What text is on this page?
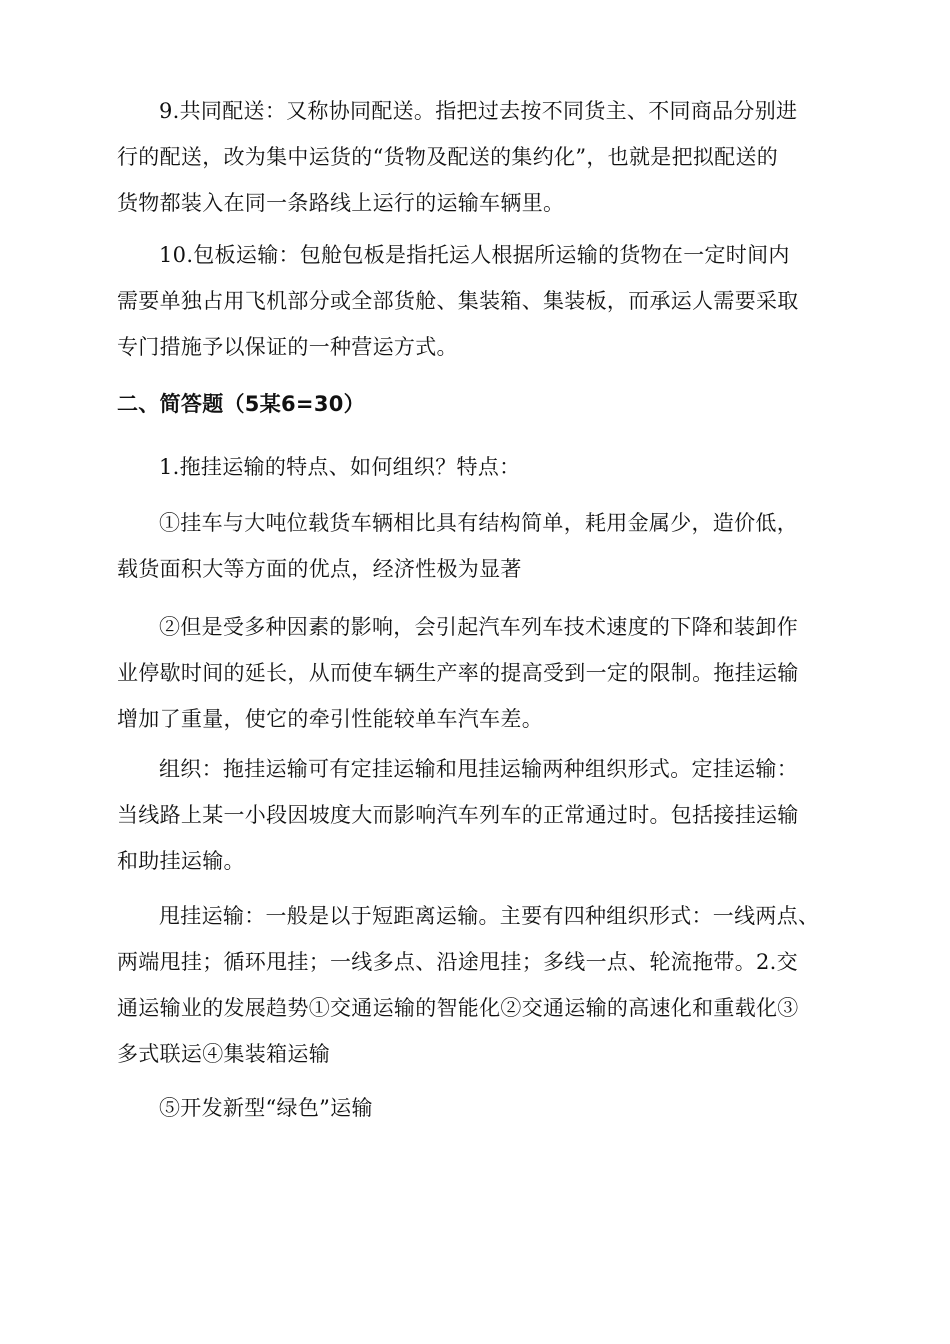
9.共同配送：又称协同配送。指把过去按不同货主、不同商品分别进
行的配送，改为集中运货的“货物及配送的集约化”，也就是把拟配送的
货物都装入在同一条路线上运行的运输车辆里。

10.包板运输：包舱包板是指托运人根据所运输的货物在一定时间内
需要单独占用飞机部分或全部货舱、集装箱、集装板，而承运人需要采取
专门措施予以保证的一种营运方式。

二、简答题（5某6=30）

1.拖挂运输的特点、如何组织？特点：

①挂车与大吨位载货车辆相比具有结构简单，耗用金属少，造价低，
载货面积大等方面的优点，经济性极为显著

②但是受多种因素的影响，会引起汽车列车技术速度的下降和装卸作
业停歇时间的延长，从而使车辆生产率的提高受到一定的限制。拖挂运输
增加了重量，使它的牵引性能较单车汽车差。

组织：拖挂运输可有定挂运输和甩挂运输两种组织形式。定挂运输：
当线路上某一小段因坡度大而影响汽车列车的正常通过时。包括接挂运输
和助挂运输。

甩挂运输：一般是以于短距离运输。主要有四种组织形式：一线两点、
两端甩挂；循环甩挂；一线多点、沿途甩挂；多线一点、轮流拖带。2.交
通运输业的发展趋势①交通运输的智能化②交通运输的高速化和重载化③
多式联运④集装箱运输

⑤开发新型“绿色”运输
